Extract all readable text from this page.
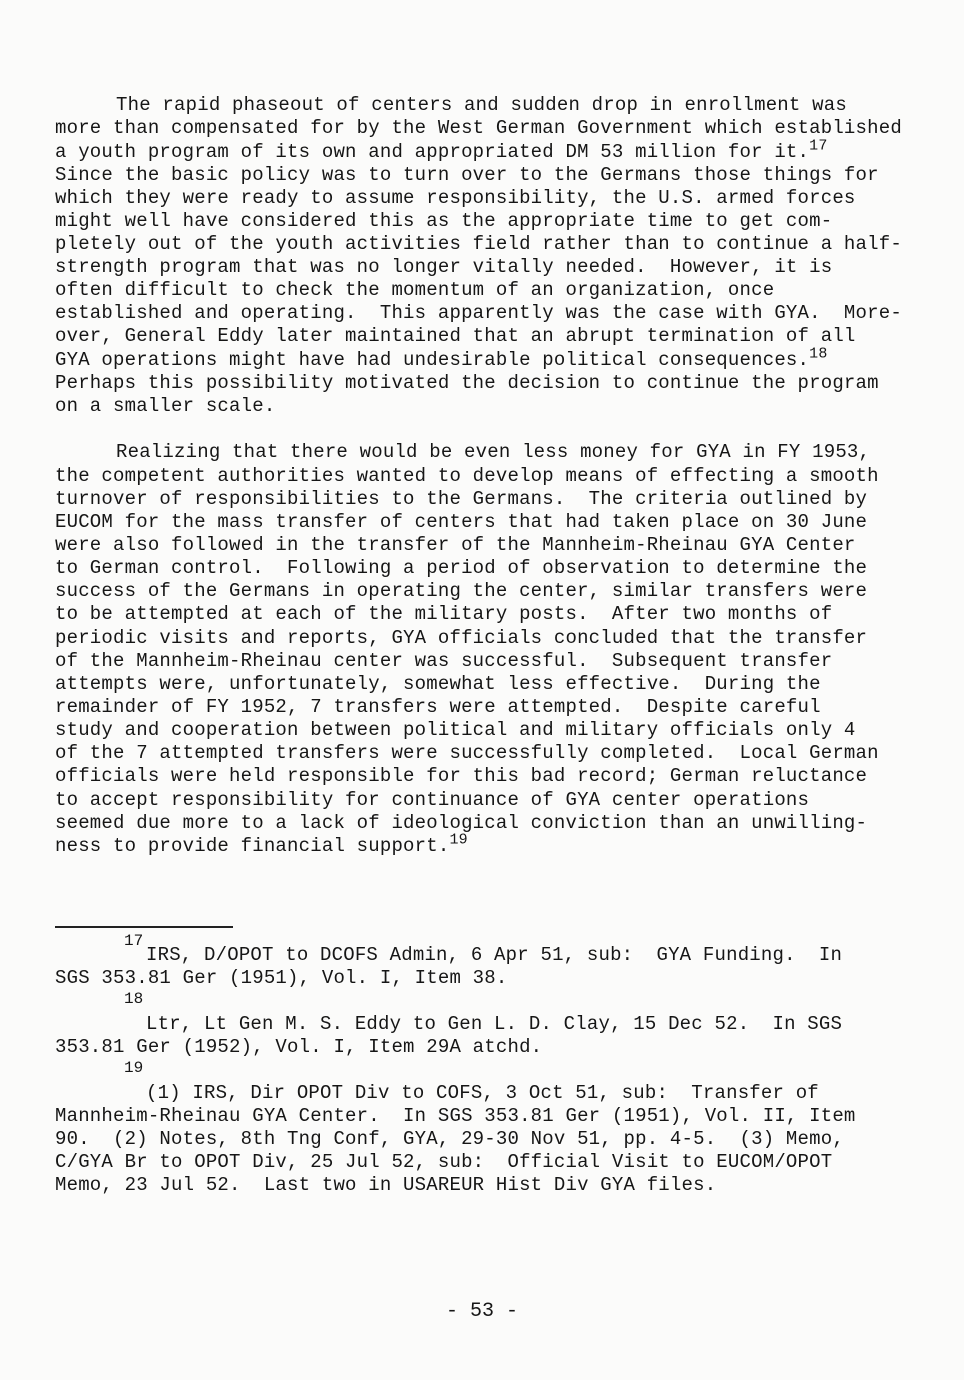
The rapid phaseout of centers and sudden drop in enrollment was
more than compensated for by the West German Government which established
a youth program of its own and appropriated DM 53 million for it.$^{17}$
Since the basic policy was to turn over to the Germans those things for
which they were ready to assume responsibility, the U.S. armed forces
might well have considered this as the appropriate time to get com-
pletely out of the youth activities field rather than to continue a half-
strength program that was no longer vitally needed.  However, it is
often difficult to check the momentum of an organization, once
established and operating.  This apparently was the case with GYA.  More-
over, General Eddy later maintained that an abrupt termination of all
GYA operations might have had undesirable political consequences.$^{18}$
Perhaps this possibility motivated the decision to continue the program
on a smaller scale.
Realizing that there would be even less money for GYA in FY 1953,
the competent authorities wanted to develop means of effecting a smooth
turnover of responsibilities to the Germans.  The criteria outlined by
EUCOM for the mass transfer of centers that had taken place on 30 June
were also followed in the transfer of the Mannheim-Rheinau GYA Center
to German control.  Following a period of observation to determine the
success of the Germans in operating the center, similar transfers were
to be attempted at each of the military posts.  After two months of
periodic visits and reports, GYA officials concluded that the transfer
of the Mannheim-Rheinau center was successful.  Subsequent transfer
attempts were, unfortunately, somewhat less effective.  During the
remainder of FY 1952, 7 transfers were attempted.  Despite careful
study and cooperation between political and military officials only 4
of the 7 attempted transfers were successfully completed.  Local German
officials were held responsible for this bad record; German reluctance
to accept responsibility for continuance of GYA center operations
seemed due more to a lack of ideological conviction than an unwilling-
ness to provide financial support.$^{19}$
17
IRS, D/OPOT to DCOFS Admin, 6 Apr 51, sub:  GYA Funding.  In
SGS 353.81 Ger (1951), Vol. I, Item 38.
18
Ltr, Lt Gen M. S. Eddy to Gen L. D. Clay, 15 Dec 52.  In SGS
353.81 Ger (1952), Vol. I, Item 29A atchd.
19
(1) IRS, Dir OPOT Div to COFS, 3 Oct 51, sub:  Transfer of
Mannheim-Rheinau GYA Center.  In SGS 353.81 Ger (1951), Vol. II, Item
90.  (2) Notes, 8th Tng Conf, GYA, 29-30 Nov 51, pp. 4-5.  (3) Memo,
C/GYA Br to OPOT Div, 25 Jul 52, sub:  Official Visit to EUCOM/OPOT
Memo, 23 Jul 52.  Last two in USAREUR Hist Div GYA files.
- 53 -
